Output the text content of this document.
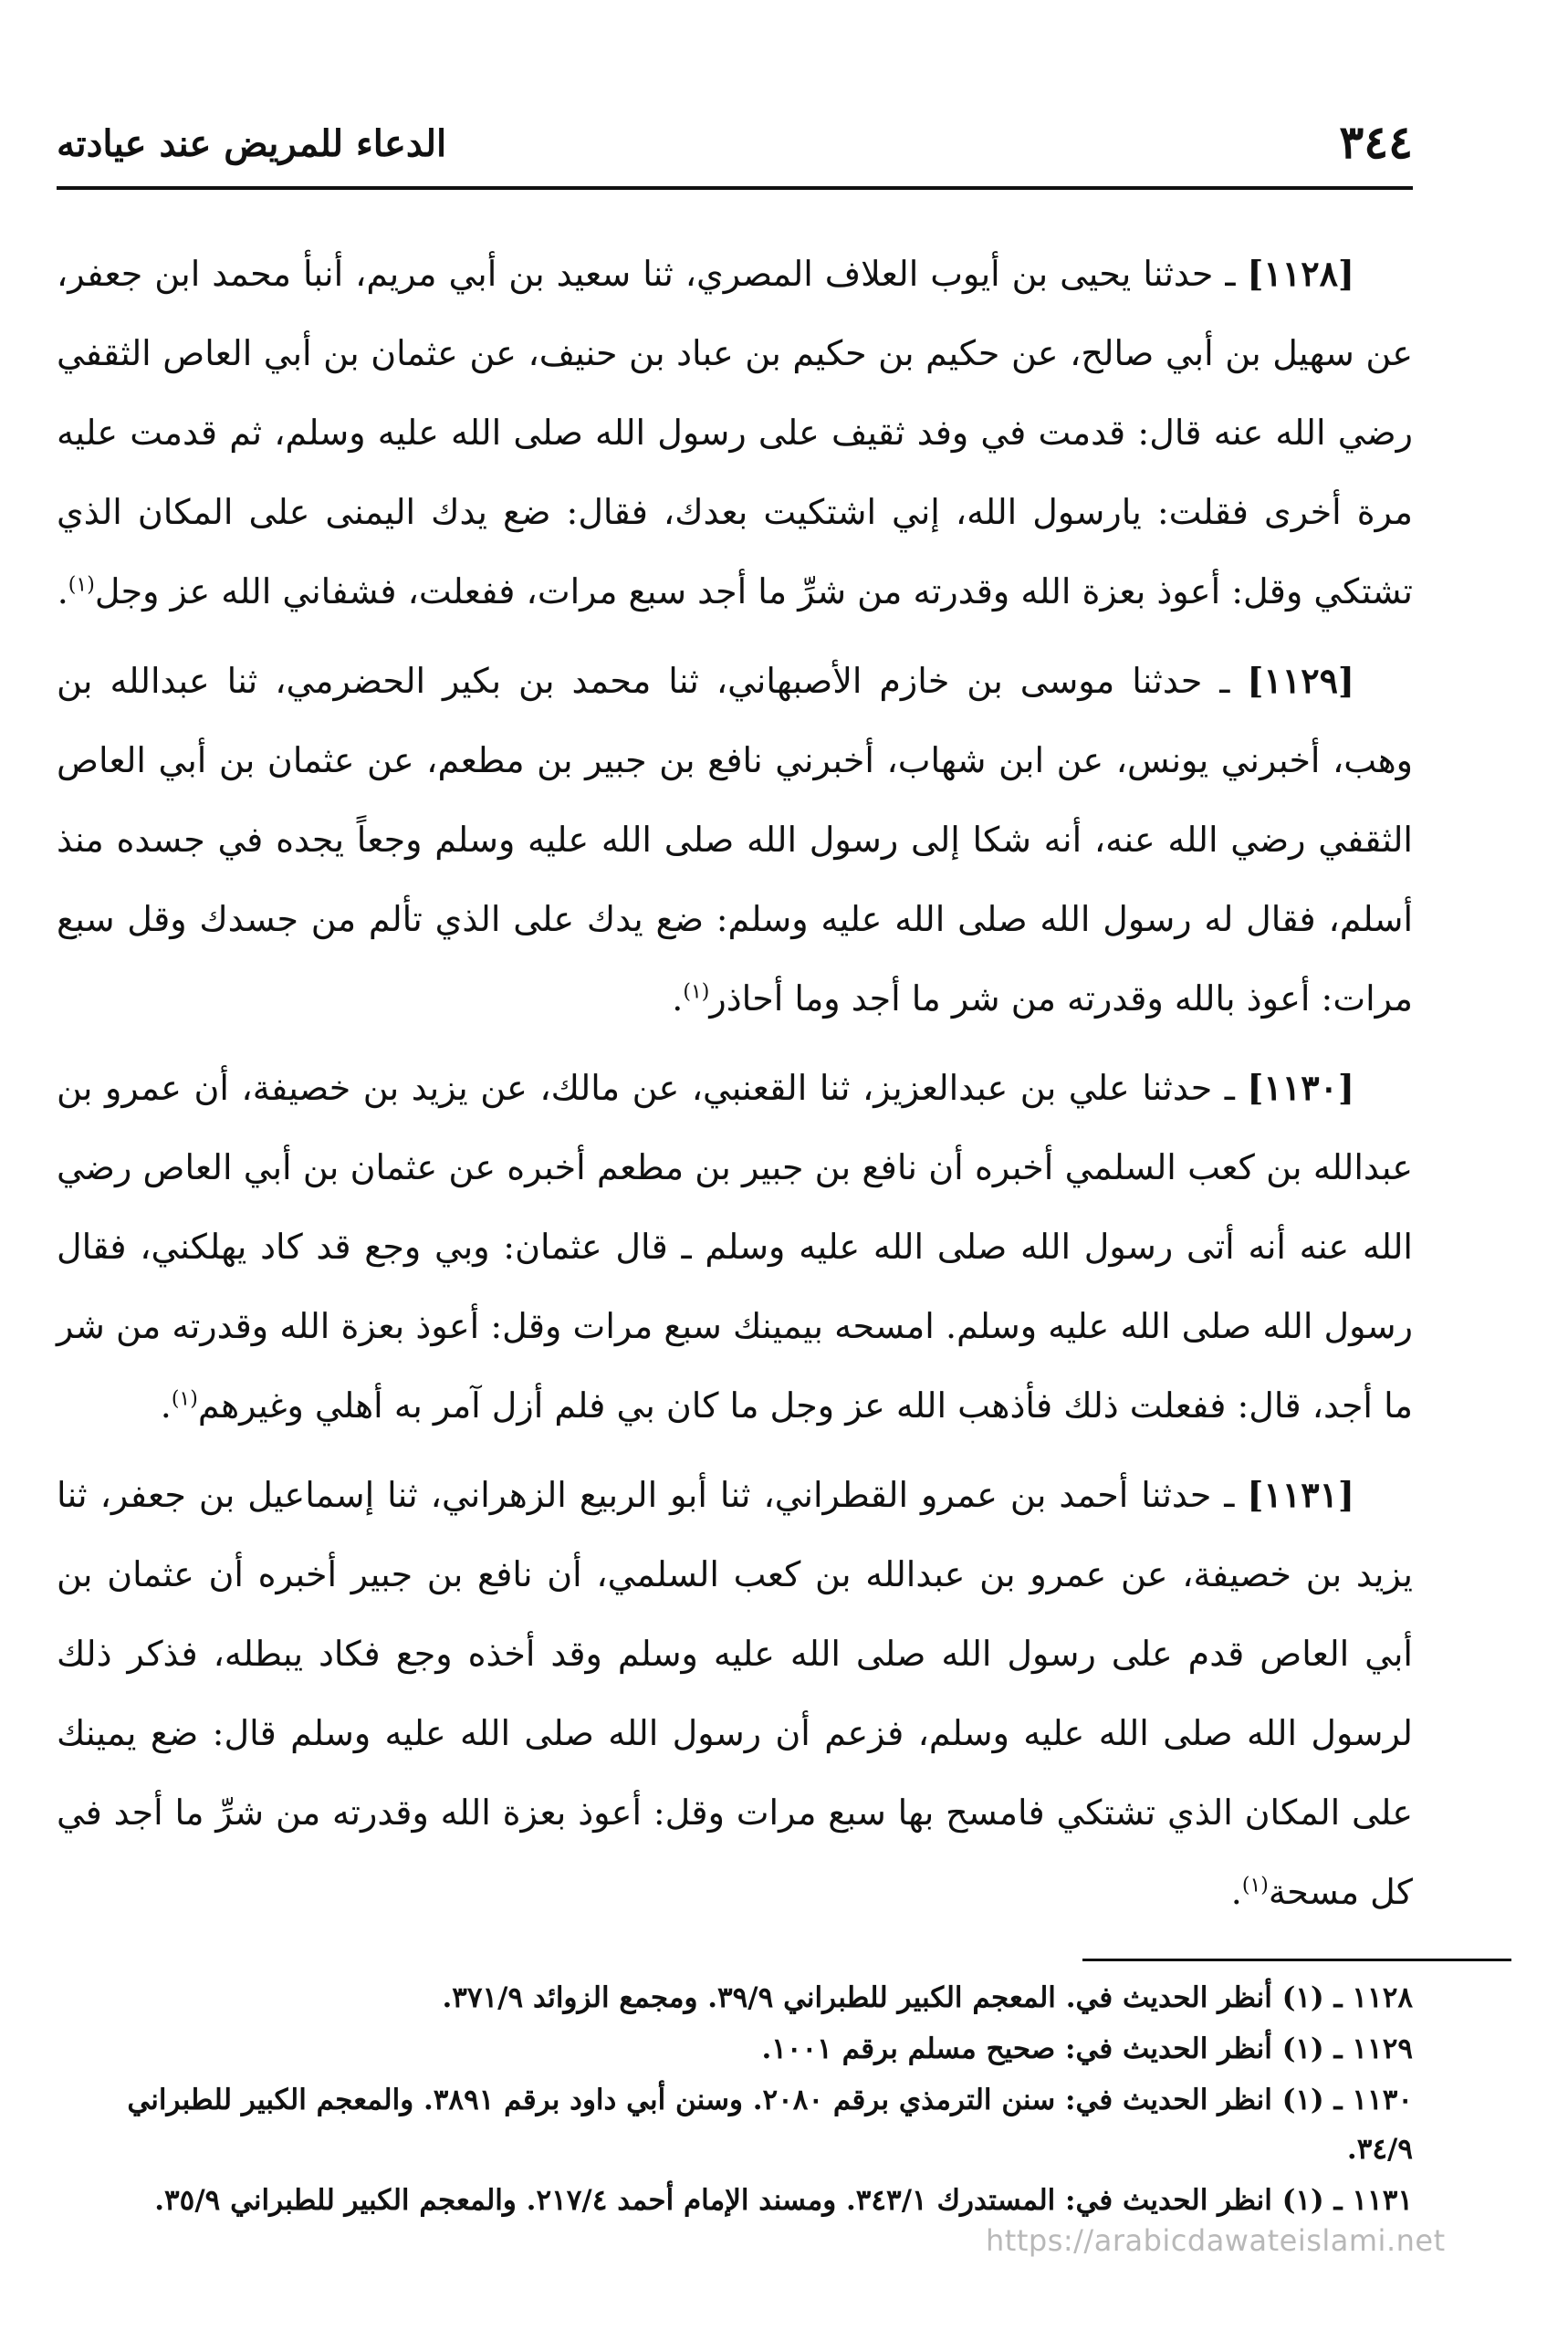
٣٤٤
الدعاء للمريض عند عيادته

[١١٢٨] ـ حدثنا يحيى بن أيوب العلاف المصري، ثنا سعيد بن أبي مريم، أنبأ محمد ابن جعفر، عن سهيل بن أبي صالح، عن حكيم بن حكيم بن عباد بن حنيف، عن عثمان بن أبي العاص الثقفي رضي الله عنه قال: قدمت في وفد ثقيف على رسول الله صلى الله عليه وسلم، ثم قدمت عليه مرة أخرى فقلت: يارسول الله، إني اشتكيت بعدك، فقال: ضع يدك اليمنى على المكان الذي تشتكي وقل: أعوذ بعزة الله وقدرته من شرِّ ما أجد سبع مرات، ففعلت، فشفاني الله عز وجل$^{(١)}$.

[١١٢٩] ـ حدثنا موسى بن خازم الأصبهاني، ثنا محمد بن بكير الحضرمي، ثنا عبدالله بن وهب، أخبرني يونس، عن ابن شهاب، أخبرني نافع بن جبير بن مطعم، عن عثمان بن أبي العاص الثقفي رضي الله عنه، أنه شكا إلى رسول الله صلى الله عليه وسلم وجعاً يجده في جسده منذ أسلم، فقال له رسول الله صلى الله عليه وسلم: ضع يدك على الذي تألم من جسدك وقل سبع مرات: أعوذ بالله وقدرته من شر ما أجد وما أحاذر$^{(١)}$.

[١١٣٠] ـ حدثنا علي بن عبدالعزيز، ثنا القعنبي، عن مالك، عن يزيد بن خصيفة، أن عمرو بن عبدالله بن كعب السلمي أخبره أن نافع بن جبير بن مطعم أخبره عن عثمان بن أبي العاص رضي الله عنه أنه أتى رسول الله صلى الله عليه وسلم ـ قال عثمان: وبي وجع قد كاد يهلكني، فقال رسول الله صلى الله عليه وسلم. امسحه بيمينك سبع مرات وقل: أعوذ بعزة الله وقدرته من شر ما أجد، قال: ففعلت ذلك فأذهب الله عز وجل ما كان بي فلم أزل آمر به أهلي وغيرهم$^{(١)}$.

[١١٣١] ـ حدثنا أحمد بن عمرو القطراني، ثنا أبو الربيع الزهراني، ثنا إسماعيل بن جعفر، ثنا يزيد بن خصيفة، عن عمرو بن عبدالله بن كعب السلمي، أن نافع بن جبير أخبره أن عثمان بن أبي العاص قدم على رسول الله صلى الله عليه وسلم وقد أخذه وجع فكاد يبطله، فذكر ذلك لرسول الله صلى الله عليه وسلم، فزعم أن رسول الله صلى الله عليه وسلم قال: ضع يمينك على المكان الذي تشتكي فامسح بها سبع مرات وقل: أعوذ بعزة الله وقدرته من شرِّ ما أجد في كل مسحة$^{(١)}$.

١١٢٨ ـ (١) أنظر الحديث في. المعجم الكبير للطبراني ٣٩/٩. ومجمع الزوائد ٣٧١/٩.

١١٢٩ ـ (١) أنظر الحديث في: صحيح مسلم برقم ١٠٠١.

١١٣٠ ـ (١) انظر الحديث في: سنن الترمذي برقم ٢٠٨٠. وسنن أبي داود برقم ٣٨٩١. والمعجم الكبير للطبراني ٣٤/٩.

١١٣١ ـ (١) انظر الحديث في: المستدرك ٣٤٣/١. ومسند الإمام أحمد ٢١٧/٤. والمعجم الكبير للطبراني ٣٥/٩.

https://arabicdawateislami.net
